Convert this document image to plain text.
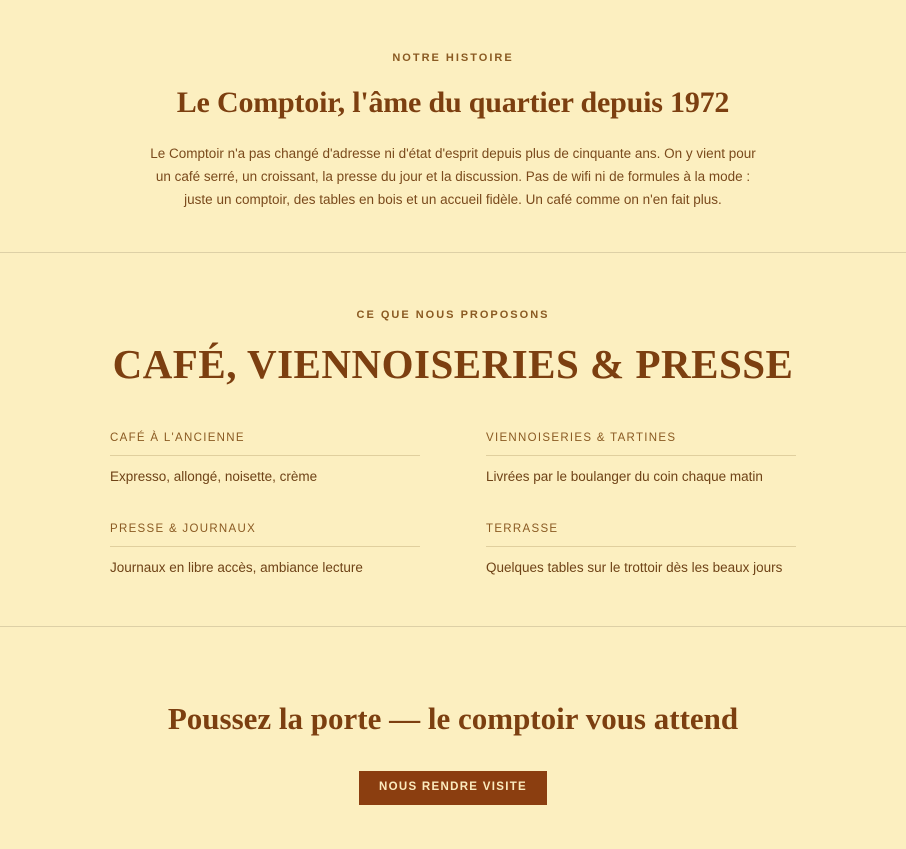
NOTRE HISTOIRE
Le Comptoir, l'âme du quartier depuis 1972

Le Comptoir n'a pas changé d'adresse ni d'état d'esprit depuis plus de cinquante ans. On y vient pour un café serré, un croissant, la presse du jour et la discussion. Pas de wifi ni de formules à la mode : juste un comptoir, des tables en bois et un accueil fidèle. Un café comme on n'en fait plus.

CE QUE NOUS PROPOSONS
CAFÉ, VIENNOISERIES & PRESSE
CAFÉ À L'ANCIENNE

Expresso, allongé, noisette, crème

VIENNOISERIES & TARTINES

Livrées par le boulanger du coin chaque matin

PRESSE & JOURNAUX

Journaux en libre accès, ambiance lecture

TERRASSE

Quelques tables sur le trottoir dès les beaux jours

Poussez la porte — le comptoir vous attend
NOUS RENDRE VISITE
